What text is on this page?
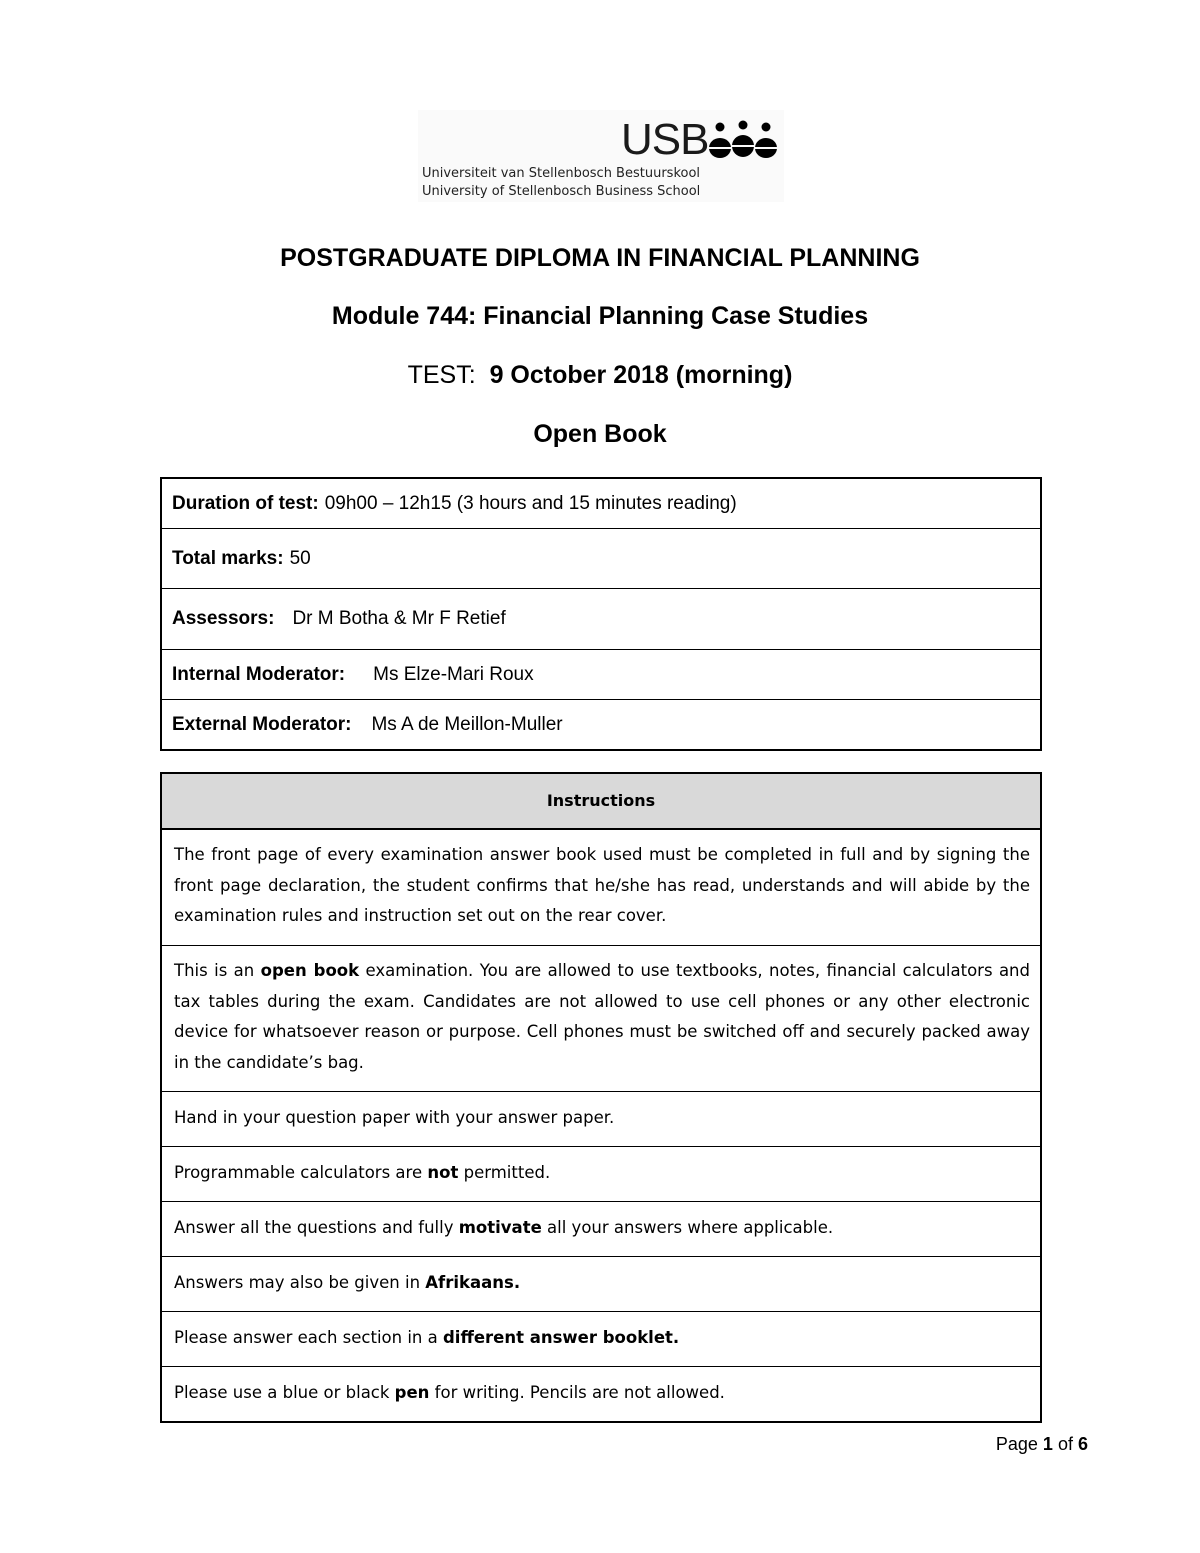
USB
Universiteit van Stellenbosch Bestuurskool
University of Stellenbosch Business School
POSTGRADUATE DIPLOMA IN FINANCIAL PLANNING
Module 744: Financial Planning Case Studies
TEST: 9 October 2018 (morning)
Open Book
Duration of test: 09h00 – 12h15 (3 hours and 15 minutes reading)
Total marks: 50
Assessors: Dr M Botha & Mr F Retief
Internal Moderator: Ms Elze-Mari Roux
External Moderator: Ms A de Meillon-Muller
Instructions
The front page of every examination answer book used must be completed in full and by signing the front page declaration, the student confirms that he/she has read, understands and will abide by the examination rules and instruction set out on the rear cover.
This is an open book examination. You are allowed to use textbooks, notes, financial calculators and tax tables during the exam. Candidates are not allowed to use cell phones or any other electronic device for whatsoever reason or purpose. Cell phones must be switched off and securely packed away in the candidate’s bag.
Hand in your question paper with your answer paper.
Programmable calculators are not permitted.
Answer all the questions and fully motivate all your answers where applicable.
Answers may also be given in Afrikaans.
Please answer each section in a different answer booklet.
Please use a blue or black pen for writing. Pencils are not allowed.
Page 1 of 6
